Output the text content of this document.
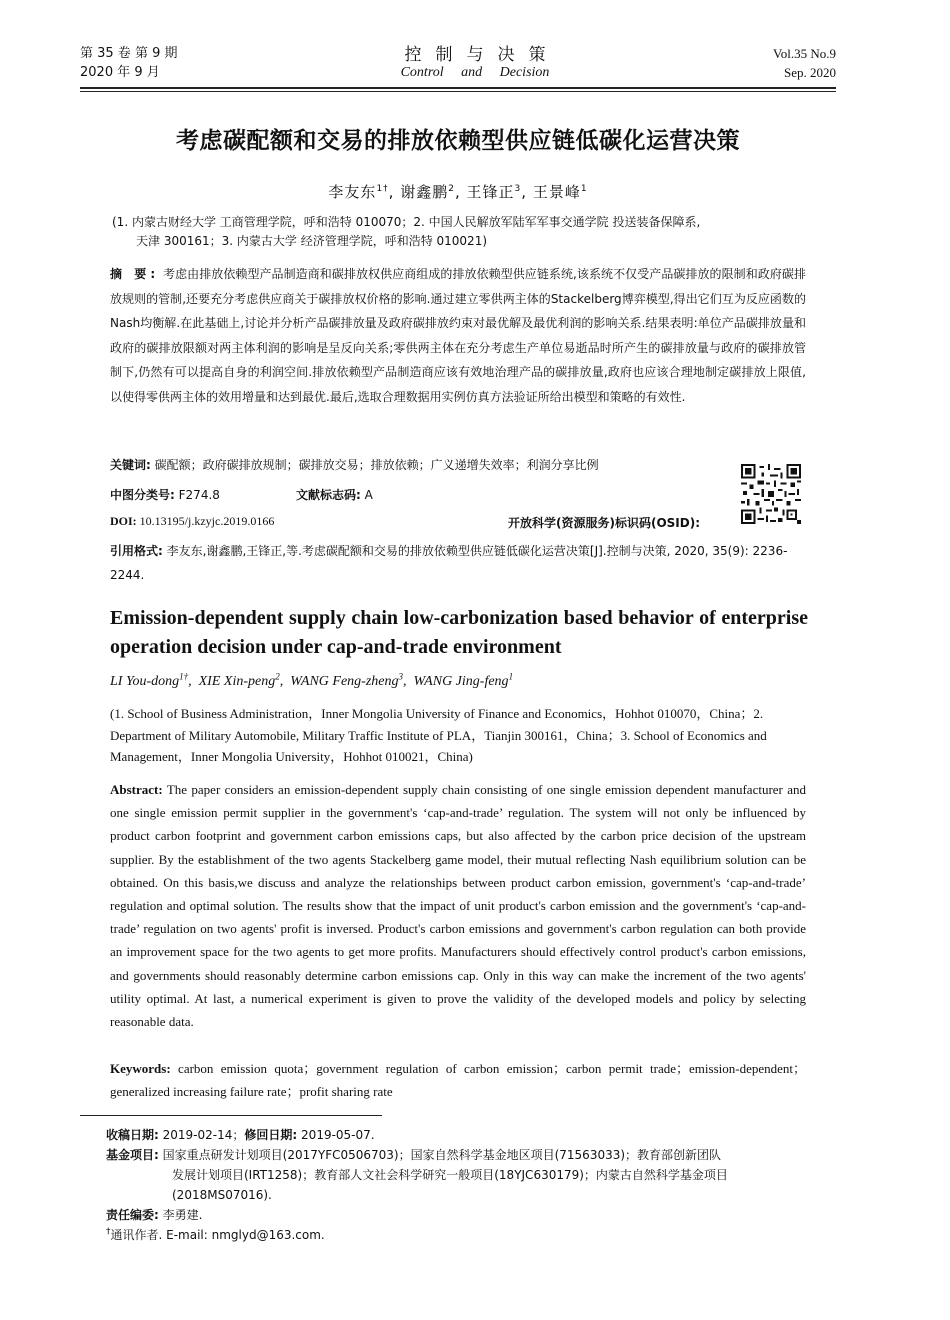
第 35 卷 第 9 期
2020 年 9 月
控制与决策
Control and Decision
Vol.35 No.9
Sep. 2020
考虑碳配额和交易的排放依赖型供应链低碳化运营决策
李友东$^{1\dagger}$, 谢鑫鹏$^2$, 王锋正$^3$, 王景峰$^1$
(1. 内蒙古财经大学 工商管理学院，呼和浩特 010070；2. 中国人民解放军陆军军事交通学院 投送装备保障系,
天津 300161；3. 内蒙古大学 经济管理学院，呼和浩特 010021)
摘 要: 考虑由排放依赖型产品制造商和碳排放权供应商组成的排放依赖型供应链系统,该系统不仅受产品碳排放的限制和政府碳排放规则的管制,还要充分考虑供应商关于碳排放权价格的影响.通过建立零供两主体的Stackelberg博弈模型,得出它们互为反应函数的Nash均衡解.在此基础上,讨论并分析产品碳排放量及政府碳排放约束对最优解及最优利润的影响关系.结果表明:单位产品碳排放量和政府的碳排放限额对两主体利润的影响是呈反向关系;零供两主体在充分考虑生产单位易逝品时所产生的碳排放量与政府的碳排放管制下,仍然有可以提高自身的利润空间.排放依赖型产品制造商应该有效地治理产品的碳排放量,政府也应该合理地制定碳排放上限值,以使得零供两主体的效用增量和达到最优.最后,选取合理数据用实例仿真方法验证所给出模型和策略的有效性.
关键词: 碳配额；政府碳排放规制；碳排放交易；排放依赖；广义递增失效率；利润分享比例
中图分类号: F274.8	文献标志码: A
DOI: 10.13195/j.kzyjc.2019.0166	开放科学(资源服务)标识码(OSID):
引用格式: 李友东,谢鑫鹏,王锋正,等.考虑碳配额和交易的排放依赖型供应链低碳化运营决策[J].控制与决策, 2020, 35(9): 2236-2244.
Emission-dependent supply chain low-carbonization based behavior of enterprise operation decision under cap-and-trade environment
LI You-dong$^{1\dagger}$,  XIE Xin-peng$^2$,  WANG Feng-zheng$^3$,  WANG Jing-feng$^1$
(1. School of Business Administration，Inner Mongolia University of Finance and Economics，Hohhot 010070，China；2. Department of Military Automobile, Military Traffic Institute of PLA，Tianjin 300161，China；3. School of Economics and Management，Inner Mongolia University，Hohhot 010021，China)
Abstract: The paper considers an emission-dependent supply chain consisting of one single emission dependent manufacturer and one single emission permit supplier in the government's ‘cap-and-trade’ regulation. The system will not only be influenced by product carbon footprint and government carbon emissions caps, but also affected by the carbon price decision of the upstream supplier. By the establishment of the two agents Stackelberg game model, their mutual reflecting Nash equilibrium solution can be obtained. On this basis,we discuss and analyze the relationships between product carbon emission, government's ‘cap-and-trade’ regulation and optimal solution. The results show that the impact of unit product's carbon emission and the government's ‘cap-and-trade’ regulation on two agents' profit is inversed. Product's carbon emissions and government's carbon regulation can both provide an improvement space for the two agents to get more profits. Manufacturers should effectively control product's carbon emissions, and governments should reasonably determine carbon emissions cap. Only in this way can make the increment of the two agents' utility optimal. At last, a numerical experiment is given to prove the validity of the developed models and policy by selecting reasonable data.
Keywords: carbon emission quota；government regulation of carbon emission；carbon permit trade；emission-dependent；generalized increasing failure rate；profit sharing rate
收稿日期: 2019-02-14；修回日期: 2019-05-07.
基金项目: 国家重点研发计划项目(2017YFC0506703)；国家自然科学基金地区项目(71563033)；教育部创新团队
发展计划项目(IRT1258)；教育部人文社会科学研究一般项目(18YJC630179)；内蒙古自然科学基金项目
(2018MS07016).
责任编委: 李勇建.
†通讯作者. E-mail: nmglyd@163.com.
